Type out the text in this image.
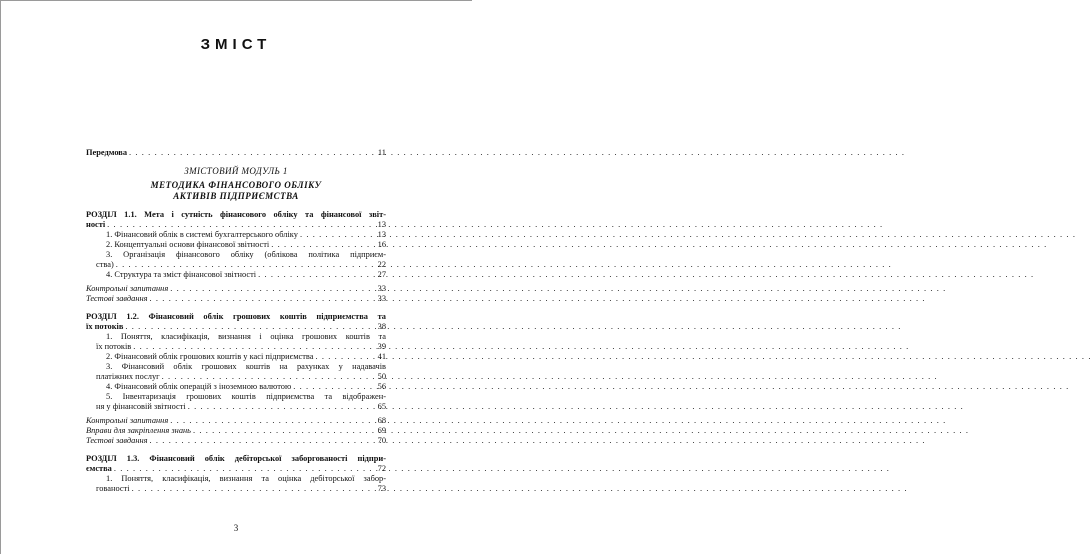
ЗМІСТ
Передмова . . .	11
ЗМІСТОВИЙ МОДУЛЬ 1
МЕТОДИКА ФІНАНСОВОГО ОБЛІКУ
АКТИВІВ ПІДПРИЄМСТВА
РОЗДІЛ 1.1. Мета і сутність фінансового обліку та фінансової звіт-
ності . . .	13
1. Фінансовий облік в системі бухгалтерського обліку . . .	13
2. Концептуальні основи фінансової звітності . . .	16
3. Організація фінансового обліку (облікова політика підприєм-
ства) . . .	22
4. Структура та зміст фінансової звітності . . .	27
Контрольні запитання . . .	33
Тестові завдання . . .	33
РОЗДІЛ 1.2. Фінансовий облік грошових коштів підприємства та
їх потоків . . .	38
1. Поняття, класифікація, визнання і оцінка грошових коштів та
їх потоків . . .	39
2. Фінансовий облік грошових коштів у касі підприємства . . .	41
3. Фінансовий облік грошових коштів на рахунках у надавачів
платіжних послуг . . .	50
4. Фінансовий облік операцій з іноземною валютою . . .	56
5. Інвентаризація грошових коштів підприємства та відображен-
ня у фінансовій звітності . . .	65
Контрольні запитання . . .	68
Вправи для закріплення знань . . .	69
Тестові завдання . . .	70
РОЗДІЛ 1.3. Фінансовий облік дебіторської заборгованості підпри-
ємства . . .	72
1. Поняття, класифікація, визнання та оцінка дебіторської забор-
гованості . . .	73
3
